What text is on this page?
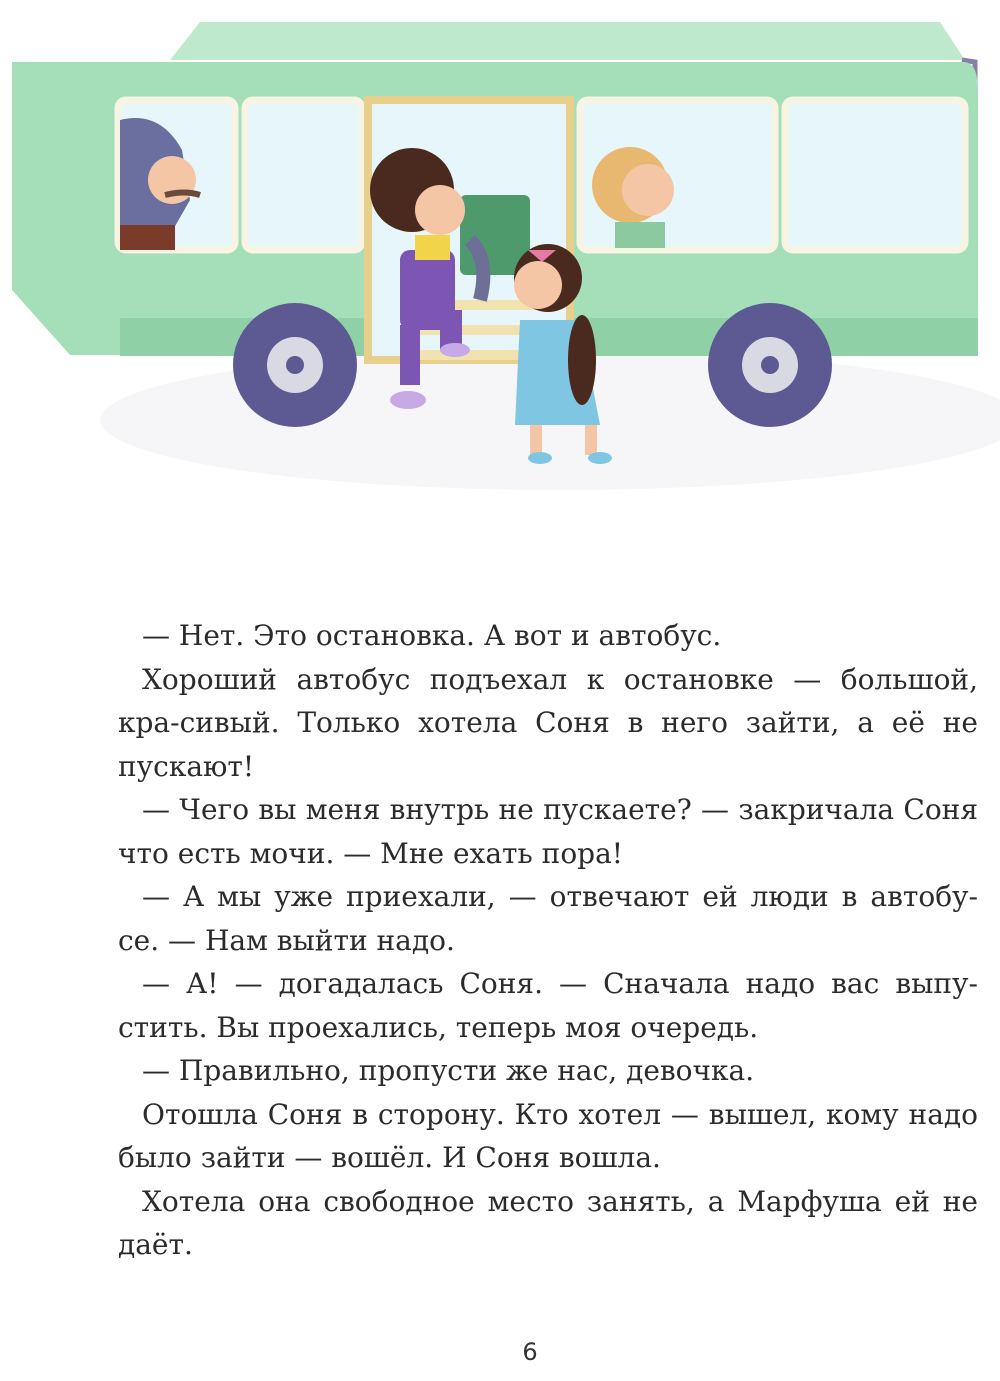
— Нет. Это остановка. А вот и автобус.

Хороший автобус подъехал к остановке — большой, кра-сивый. Только хотела Соня в него зайти, а её не пускают!

— Чего вы меня внутрь не пускаете? — закричала Соня что есть мочи. — Мне ехать пора!

— А мы уже приехали, — отвечают ей люди в автобу-се. — Нам выйти надо.

— А! — догадалась Соня. — Сначала надо вас выпу-стить. Вы проехались, теперь моя очередь.

— Правильно, пропусти же нас, девочка.

Отошла Соня в сторону. Кто хотел — вышел, кому надо было зайти — вошёл. И Соня вошла.

Хотела она свободное место занять, а Марфуша ей не даёт.

6
